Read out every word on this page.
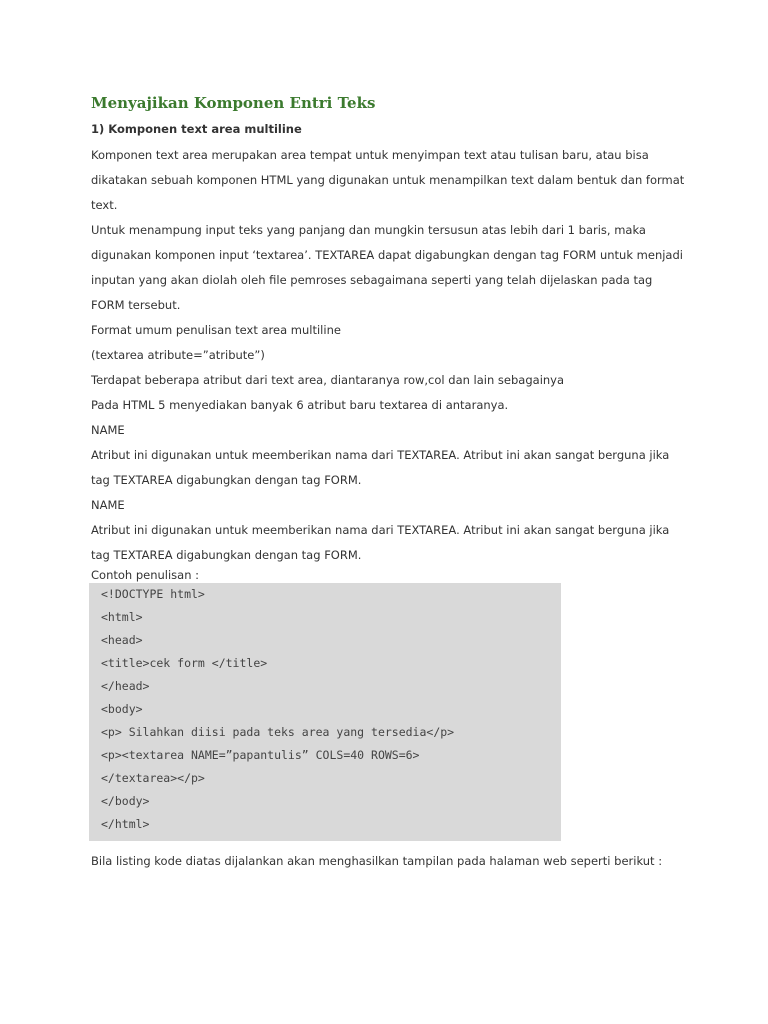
Menyajikan Komponen Entri Teks
1) Komponen text area multiline
Komponen text area merupakan area tempat untuk menyimpan text atau tulisan baru, atau bisa
dikatakan sebuah komponen HTML yang digunakan untuk menampilkan text dalam bentuk dan format
text.
Untuk menampung input teks yang panjang dan mungkin tersusun atas lebih dari 1 baris, maka
digunakan komponen input ‘textarea’. TEXTAREA dapat digabungkan dengan tag FORM untuk menjadi
inputan yang akan diolah oleh file pemroses sebagaimana seperti yang telah dijelaskan pada tag
FORM tersebut.
Format umum penulisan text area multiline
(textarea atribute=”atribute”)
Terdapat beberapa atribut dari text area, diantaranya row,col dan lain sebagainya
Pada HTML 5 menyediakan banyak 6 atribut baru textarea di antaranya.
NAME
Atribut ini digunakan untuk meemberikan nama dari TEXTAREA. Atribut ini akan sangat berguna jika
tag TEXTAREA digabungkan dengan tag FORM.
NAME
Atribut ini digunakan untuk meemberikan nama dari TEXTAREA. Atribut ini akan sangat berguna jika
tag TEXTAREA digabungkan dengan tag FORM.
Contoh penulisan :
<!DOCTYPE html>
<html>
<head>
<title>cek form </title>
</head>
<body>
<p> Silahkan diisi pada teks area yang tersedia</p>
<p><textarea NAME=”papantulis” COLS=40 ROWS=6>
</textarea></p>
</body>
</html>
Bila listing kode diatas dijalankan akan menghasilkan tampilan pada halaman web seperti berikut :
